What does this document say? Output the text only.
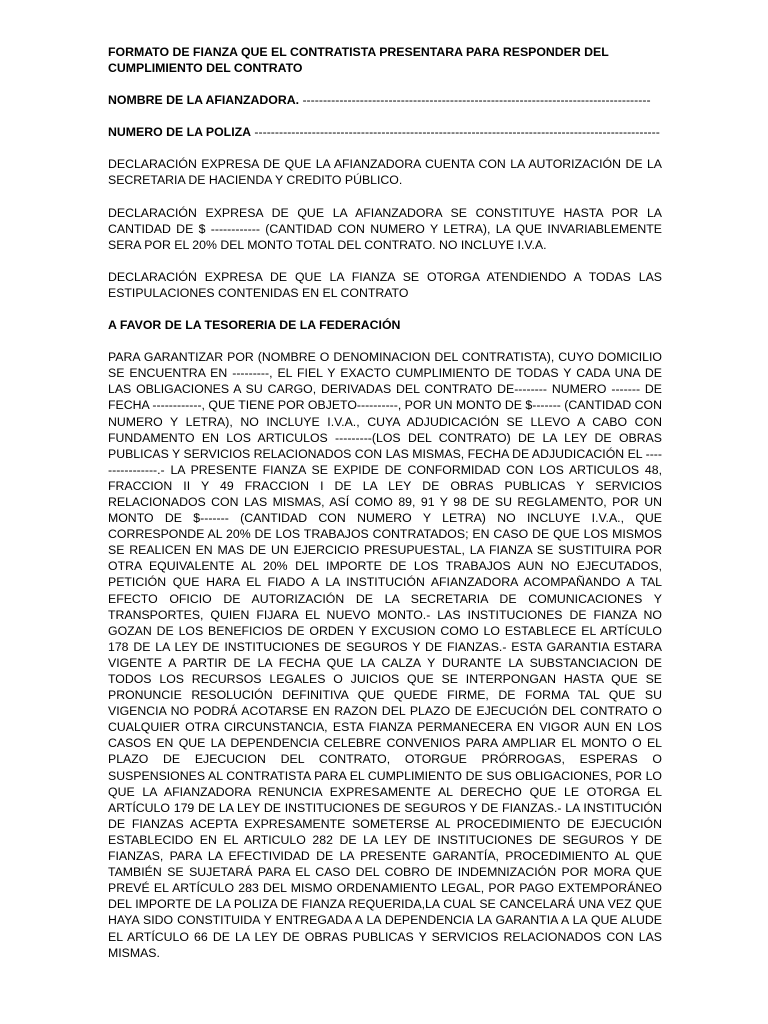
FORMATO DE FIANZA QUE EL CONTRATISTA PRESENTARA PARA RESPONDER DEL CUMPLIMIENTO DEL CONTRATO

NOMBRE DE LA AFIANZADORA. -------------------------------------------------------------------------------------

NUMERO DE LA POLIZA ---------------------------------------------------------------------------------------------------

DECLARACIÓN EXPRESA DE QUE LA AFIANZADORA CUENTA CON LA AUTORIZACIÓN DE LA SECRETARIA DE HACIENDA Y CREDITO PÚBLICO.

DECLARACIÓN EXPRESA DE QUE LA AFIANZADORA SE CONSTITUYE HASTA POR LA CANTIDAD DE $ ------------ (CANTIDAD CON NUMERO Y LETRA), LA QUE INVARIABLEMENTE SERA POR EL 20% DEL MONTO TOTAL DEL CONTRATO. NO INCLUYE I.V.A.

DECLARACIÓN EXPRESA DE QUE LA FIANZA SE OTORGA ATENDIENDO A TODAS LAS ESTIPULACIONES CONTENIDAS EN EL CONTRATO

A FAVOR DE LA TESORERIA DE LA FEDERACIÓN

PARA GARANTIZAR POR (NOMBRE O DENOMINACION DEL CONTRATISTA), CUYO DOMICILIO SE ENCUENTRA EN ---------, EL FIEL Y EXACTO CUMPLIMIENTO DE TODAS Y CADA UNA DE LAS OBLIGACIONES A SU CARGO, DERIVADAS DEL CONTRATO DE-------- NUMERO ------- DE FECHA ------------, QUE TIENE POR OBJETO----------, POR UN MONTO DE $------- (CANTIDAD CON NUMERO Y LETRA), NO INCLUYE I.V.A., CUYA ADJUDICACIÓN SE LLEVO A CABO CON FUNDAMENTO EN LOS ARTICULOS ---------(LOS DEL CONTRATO) DE LA LEY DE OBRAS PUBLICAS Y SERVICIOS RELACIONADOS CON LAS MISMAS, FECHA DE ADJUDICACIÓN EL ----------------.- LA PRESENTE FIANZA SE EXPIDE DE CONFORMIDAD CON LOS ARTICULOS 48, FRACCION II Y 49 FRACCION I DE LA LEY DE OBRAS PUBLICAS Y SERVICIOS RELACIONADOS CON LAS MISMAS, ASÍ COMO 89, 91 Y 98 DE SU REGLAMENTO, POR UN MONTO DE $------- (CANTIDAD CON NUMERO Y LETRA) NO INCLUYE I.V.A., QUE CORRESPONDE AL 20% DE LOS TRABAJOS CONTRATADOS; EN CASO DE QUE LOS MISMOS SE REALICEN EN MAS DE UN EJERCICIO PRESUPUESTAL, LA FIANZA SE SUSTITUIRA POR OTRA EQUIVALENTE AL 20% DEL IMPORTE DE LOS TRABAJOS AUN NO EJECUTADOS, PETICIÓN QUE HARA EL FIADO A LA INSTITUCIÓN AFIANZADORA ACOMPAÑANDO A TAL EFECTO OFICIO DE AUTORIZACIÓN DE LA SECRETARIA DE COMUNICACIONES Y TRANSPORTES, QUIEN FIJARA EL NUEVO MONTO.- LAS INSTITUCIONES DE FIANZA NO GOZAN DE LOS BENEFICIOS DE ORDEN Y EXCUSION COMO LO ESTABLECE EL ARTÍCULO 178 DE LA LEY DE INSTITUCIONES DE SEGUROS Y DE FIANZAS.- ESTA GARANTIA ESTARA VIGENTE A PARTIR DE LA FECHA QUE LA CALZA Y DURANTE LA SUBSTANCIACION DE TODOS LOS RECURSOS LEGALES O JUICIOS QUE SE INTERPONGAN HASTA QUE SE PRONUNCIE RESOLUCIÓN DEFINITIVA QUE QUEDE FIRME, DE FORMA TAL QUE SU VIGENCIA NO PODRÁ ACOTARSE EN RAZON DEL PLAZO DE EJECUCIÓN DEL CONTRATO O CUALQUIER OTRA CIRCUNSTANCIA, ESTA FIANZA PERMANECERA EN VIGOR AUN EN LOS CASOS EN QUE LA DEPENDENCIA CELEBRE CONVENIOS PARA AMPLIAR EL MONTO O EL PLAZO DE EJECUCION DEL CONTRATO, OTORGUE PRÓRROGAS, ESPERAS O SUSPENSIONES AL CONTRATISTA PARA EL CUMPLIMIENTO DE SUS OBLIGACIONES, POR LO QUE LA AFIANZADORA RENUNCIA EXPRESAMENTE AL DERECHO QUE LE OTORGA EL ARTÍCULO 179 DE LA LEY DE INSTITUCIONES DE SEGUROS Y DE FIANZAS.- LA INSTITUCIÓN DE FIANZAS ACEPTA EXPRESAMENTE SOMETERSE AL PROCEDIMIENTO DE EJECUCIÓN ESTABLECIDO EN EL ARTICULO 282 DE LA LEY DE INSTITUCIONES DE SEGUROS Y DE FIANZAS, PARA LA EFECTIVIDAD DE LA PRESENTE GARANTÍA, PROCEDIMIENTO AL QUE TAMBIÉN SE SUJETARÁ PARA EL CASO DEL COBRO DE INDEMNIZACIÓN POR MORA QUE PREVÉ EL ARTÍCULO 283 DEL MISMO ORDENAMIENTO LEGAL, POR PAGO EXTEMPORÁNEO DEL IMPORTE DE LA POLIZA DE FIANZA REQUERIDA,LA CUAL SE CANCELARÁ UNA VEZ QUE HAYA SIDO CONSTITUIDA Y ENTREGADA A LA DEPENDENCIA LA GARANTIA A LA QUE ALUDE EL ARTÍCULO 66 DE LA LEY DE OBRAS PUBLICAS Y SERVICIOS RELACIONADOS CON LAS MISMAS.
